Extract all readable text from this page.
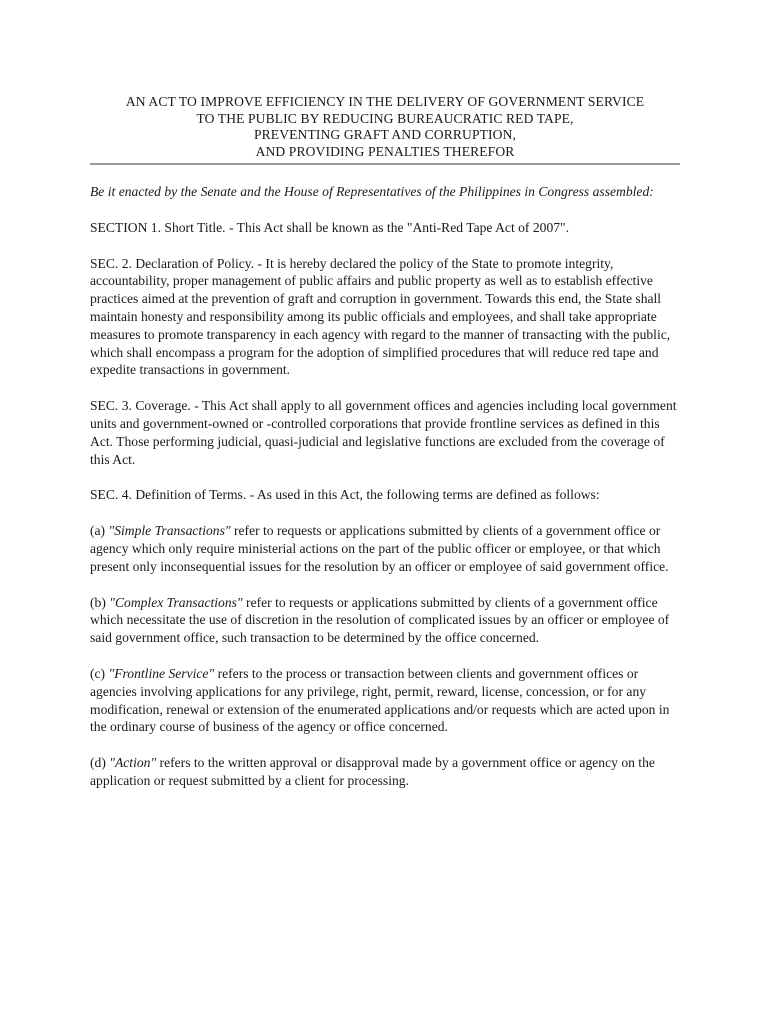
AN ACT TO IMPROVE EFFICIENCY IN THE DELIVERY OF GOVERNMENT SERVICE
TO THE PUBLIC BY REDUCING BUREAUCRATIC RED TAPE,
PREVENTING GRAFT AND CORRUPTION,
AND PROVIDING PENALTIES THEREFOR

Be it enacted by the Senate and the House of Representatives of the Philippines in Congress assembled:

SECTION 1. Short Title. - This Act shall be known as the "Anti-Red Tape Act of 2007".

SEC. 2. Declaration of Policy. - It is hereby declared the policy of the State to promote integrity, accountability, proper management of public affairs and public property as well as to establish effective practices aimed at the prevention of graft and corruption in government. Towards this end, the State shall maintain honesty and responsibility among its public officials and employees, and shall take appropriate measures to promote transparency in each agency with regard to the manner of transacting with the public, which shall encompass a program for the adoption of simplified procedures that will reduce red tape and expedite transactions in government.

SEC. 3. Coverage. - This Act shall apply to all government offices and agencies including local government units and government-owned or -controlled corporations that provide frontline services as defined in this Act. Those performing judicial, quasi-judicial and legislative functions are excluded from the coverage of this Act.

SEC. 4. Definition of Terms. - As used in this Act, the following terms are defined as follows:

(a) "Simple Transactions" refer to requests or applications submitted by clients of a government office or agency which only require ministerial actions on the part of the public officer or employee, or that which present only inconsequential issues for the resolution by an officer or employee of said government office.

(b) "Complex Transactions" refer to requests or applications submitted by clients of a government office which necessitate the use of discretion in the resolution of complicated issues by an officer or employee of said government office, such transaction to be determined by the office concerned.

(c) "Frontline Service" refers to the process or transaction between clients and government offices or agencies involving applications for any privilege, right, permit, reward, license, concession, or for any modification, renewal or extension of the enumerated applications and/or requests which are acted upon in the ordinary course of business of the agency or office concerned.

(d) "Action" refers to the written approval or disapproval made by a government office or agency on the application or request submitted by a client for processing.
